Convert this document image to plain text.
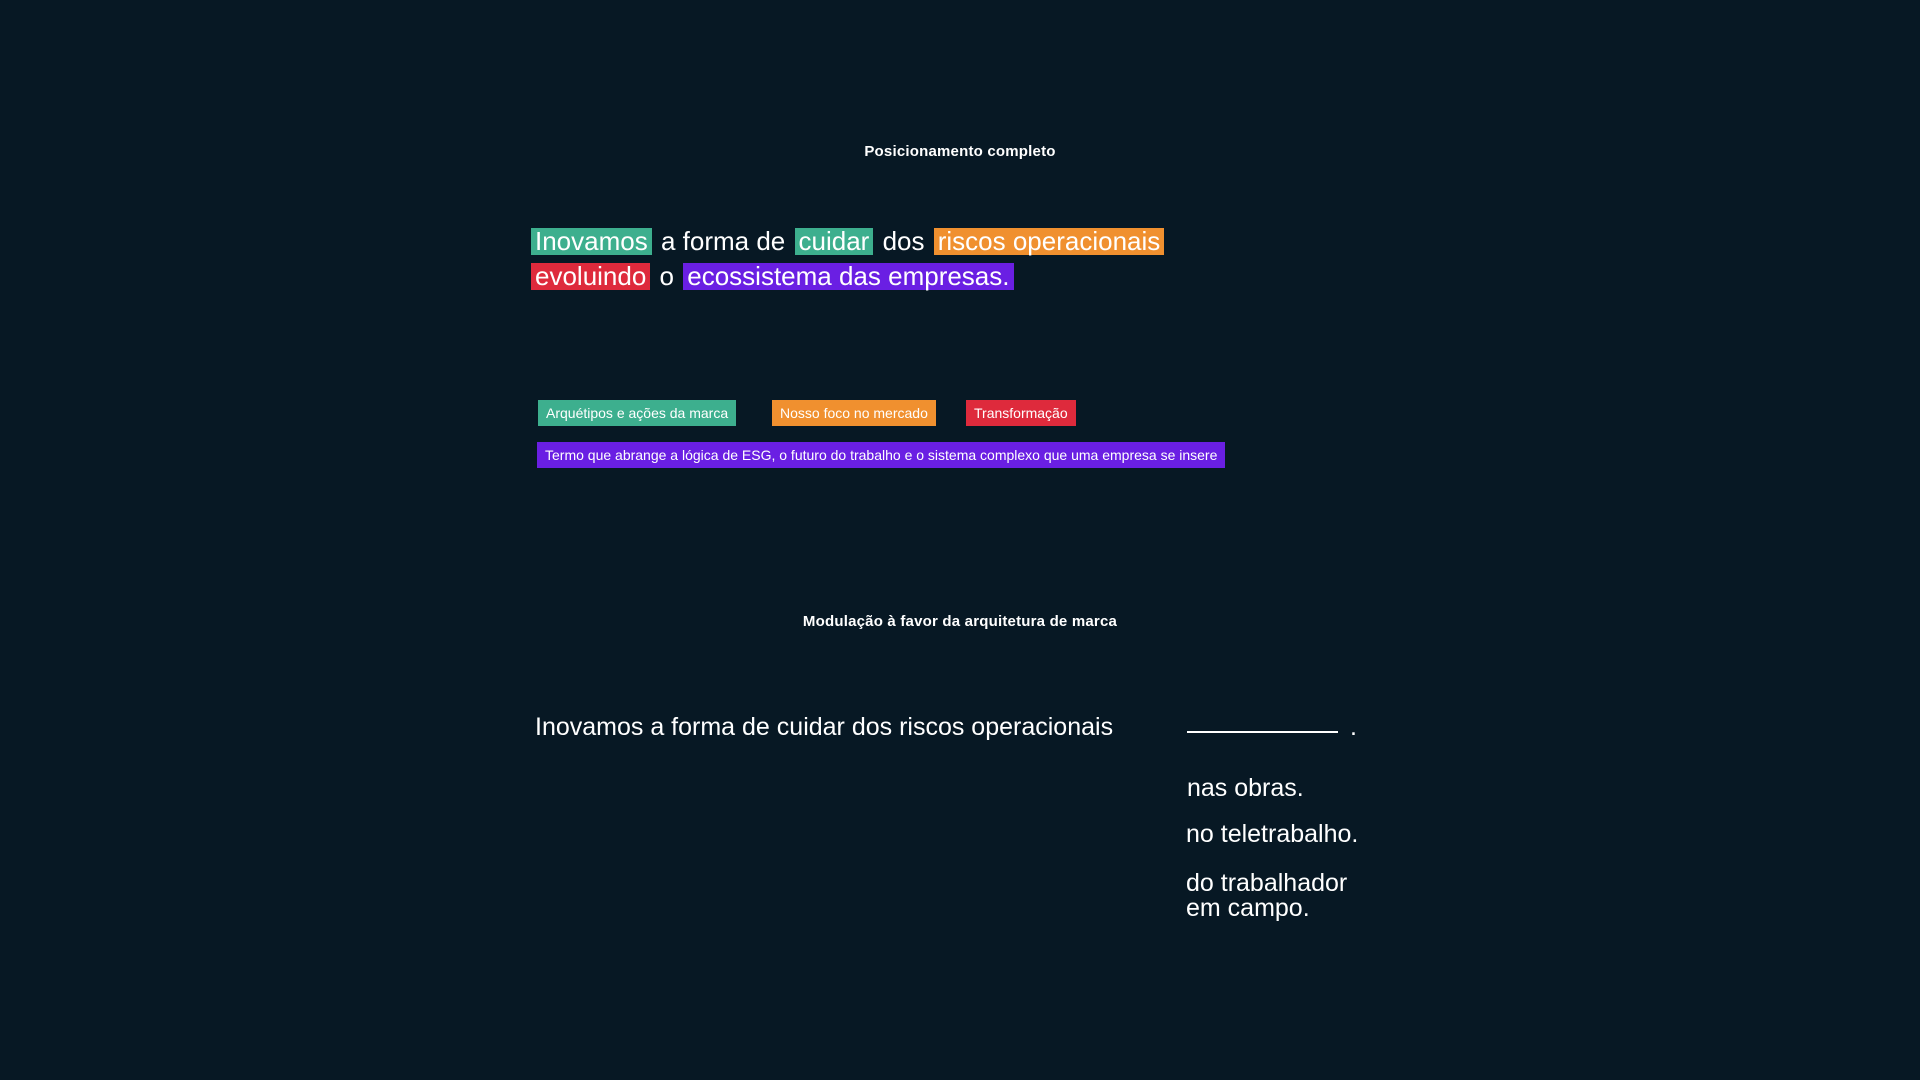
Posicionamento completo
Inovamos a forma de cuidar dos riscos operacionais
evoluindo o ecossistema das empresas.
Arquétipos e ações da marca	Nosso foco no mercado	Transformação
Termo que abrange a lógica de ESG, o futuro do trabalho e o sistema complexo que uma empresa se insere
Modulação à favor da arquitetura de marca
Inovamos a forma de cuidar dos riscos operacionais	.
nas obras.
no teletrabalho.
do trabalhador
em campo.
